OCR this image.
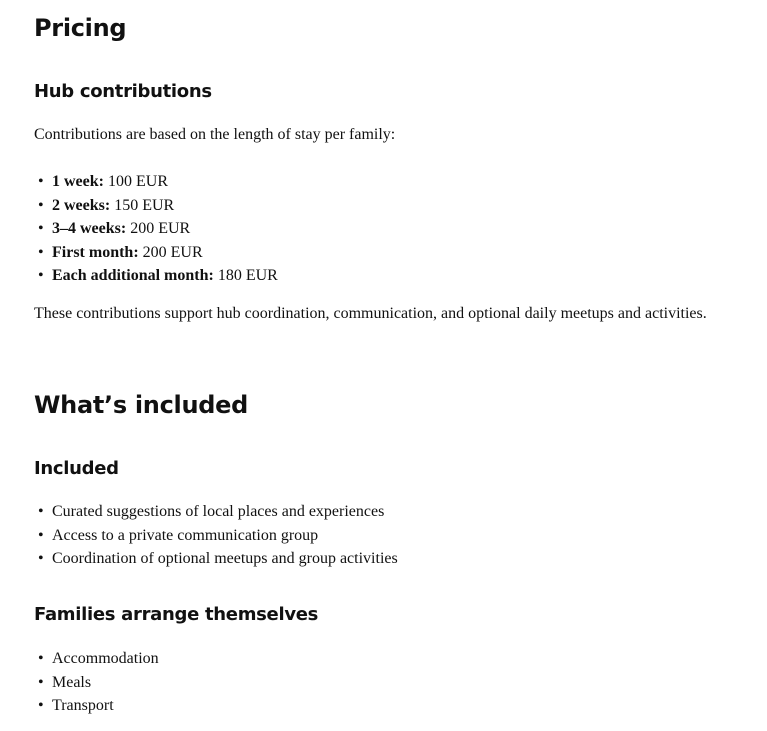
Pricing
Hub contributions

Contributions are based on the length of stay per family:

• 1 week: 100 EUR
• 2 weeks: 150 EUR
• 3–4 weeks: 200 EUR
• First month: 200 EUR
• Each additional month: 180 EUR

These contributions support hub coordination, communication, and optional daily meetups and activities.

What’s included
Included
• Curated suggestions of local places and experiences
• Access to a private communication group
• Coordination of optional meetups and group activities
Families arrange themselves
• Accommodation
• Meals
• Transport
